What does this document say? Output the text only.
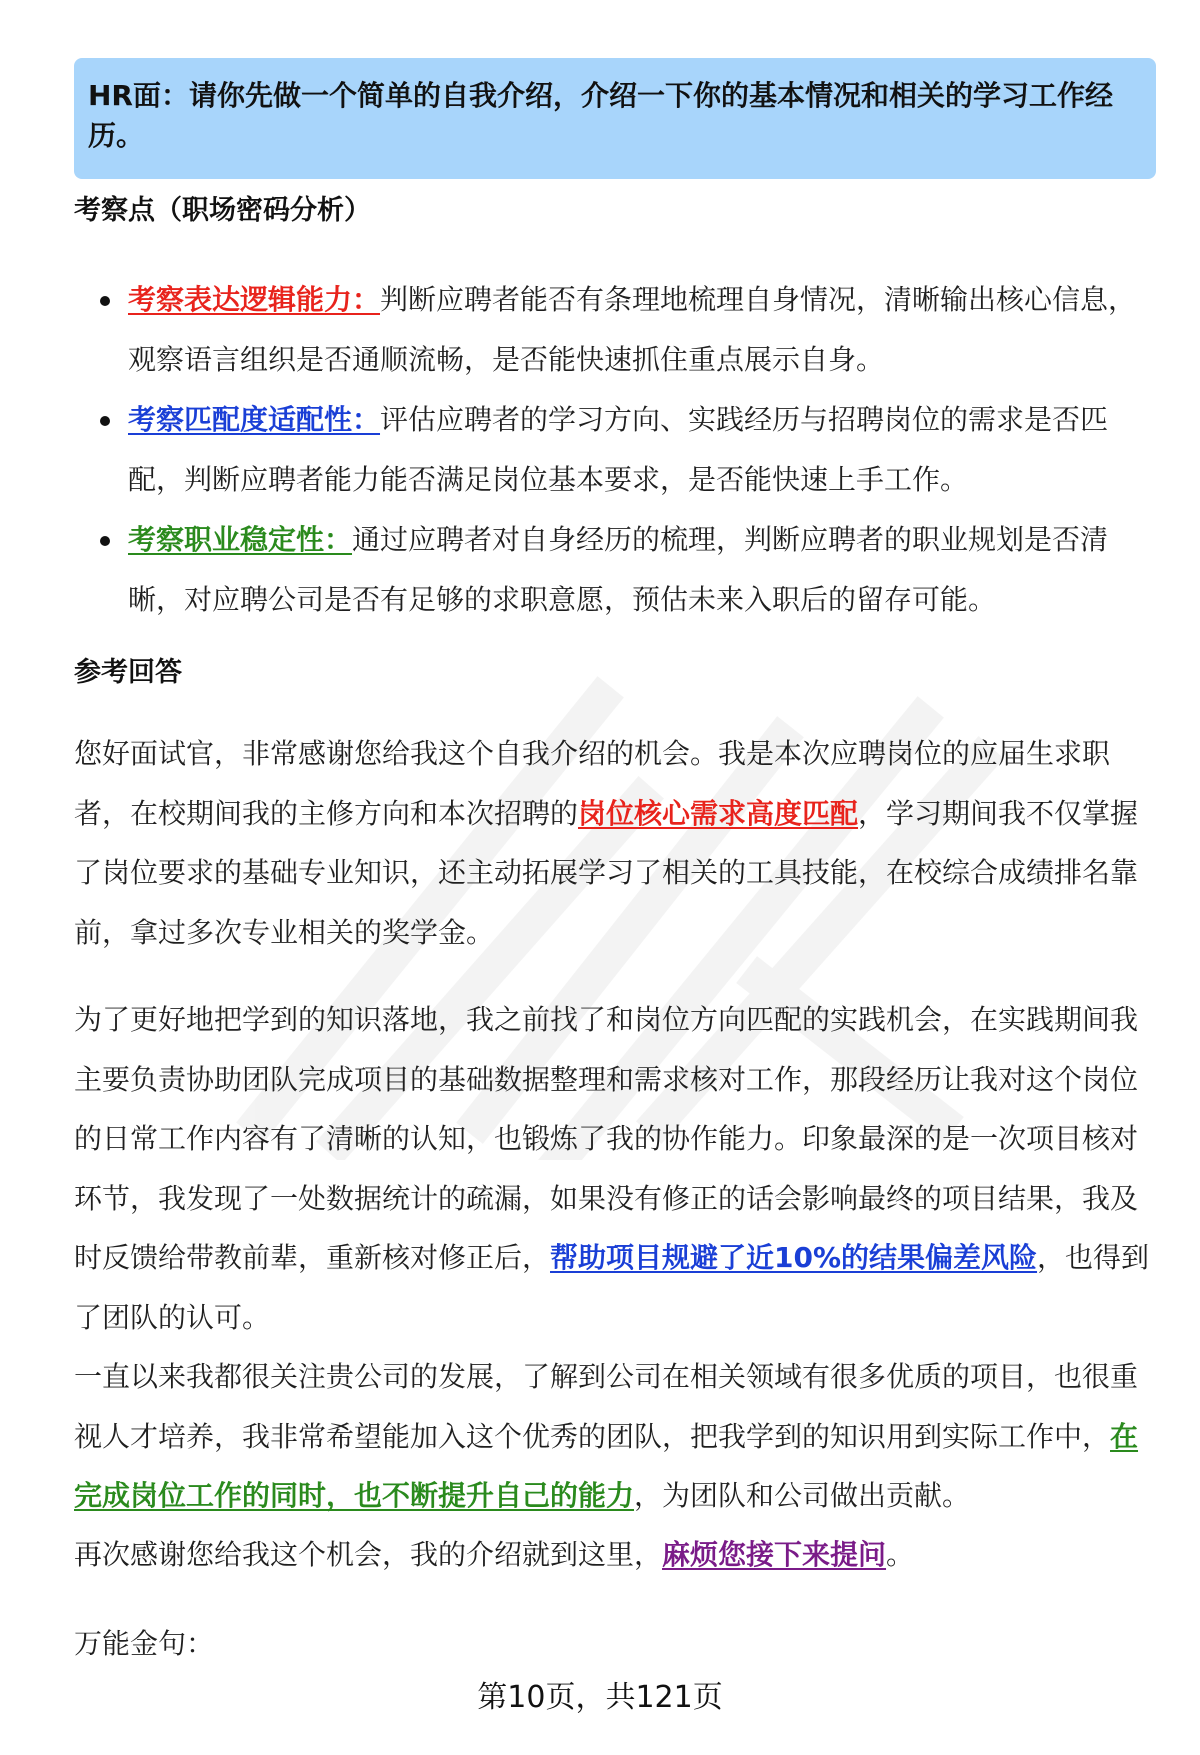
HR面：请你先做一个简单的自我介绍，介绍一下你的基本情况和相关的学习工作经历。

考察点（职场密码分析）
考察表达逻辑能力：判断应聘者能否有条理地梳理自身情况，清晰输出核心信息，观察语言组织是否通顺流畅，是否能快速抓住重点展示自身。
考察匹配度适配性：评估应聘者的学习方向、实践经历与招聘岗位的需求是否匹配，判断应聘者能力能否满足岗位基本要求，是否能快速上手工作。
考察职业稳定性：通过应聘者对自身经历的梳理，判断应聘者的职业规划是否清晰，对应聘公司是否有足够的求职意愿，预估未来入职后的留存可能。
参考回答

您好面试官，非常感谢您给我这个自我介绍的机会。我是本次应聘岗位的应届生求职者，在校期间我的主修方向和本次招聘的岗位核心需求高度匹配，学习期间我不仅掌握了岗位要求的基础专业知识，还主动拓展学习了相关的工具技能，在校综合成绩排名靠前，拿过多次专业相关的奖学金。

为了更好地把学到的知识落地，我之前找了和岗位方向匹配的实践机会，在实践期间我主要负责协助团队完成项目的基础数据整理和需求核对工作，那段经历让我对这个岗位的日常工作内容有了清晰的认知，也锻炼了我的协作能力。印象最深的是一次项目核对环节，我发现了一处数据统计的疏漏，如果没有修正的话会影响最终的项目结果，我及时反馈给带教前辈，重新核对修正后，帮助项目规避了近10%的结果偏差风险，也得到了团队的认可。

一直以来我都很关注贵公司的发展，了解到公司在相关领域有很多优质的项目，也很重视人才培养，我非常希望能加入这个优秀的团队，把我学到的知识用到实际工作中，在完成岗位工作的同时，也不断提升自己的能力，为团队和公司做出贡献。

再次感谢您给我这个机会，我的介绍就到这里，麻烦您接下来提问。

万能金句：

第10页，共121页
